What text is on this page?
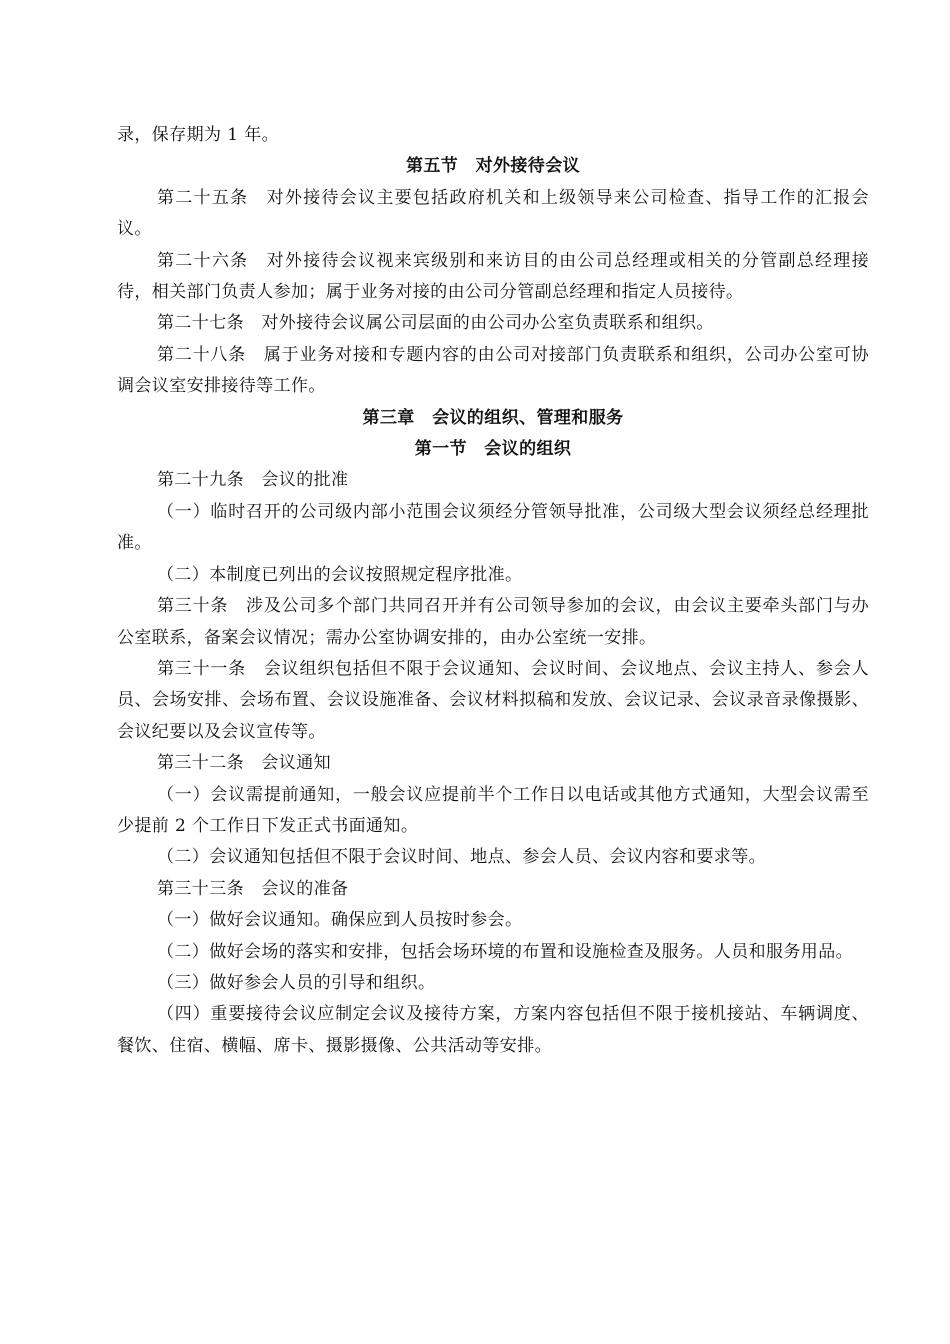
录，保存期为 1 年。

第五节　对外接待会议

第二十五条　对外接待会议主要包括政府机关和上级领导来公司检查、指导工作的汇报会议。

第二十六条　对外接待会议视来宾级别和来访目的由公司总经理或相关的分管副总经理接待，相关部门负责人参加；属于业务对接的由公司分管副总经理和指定人员接待。

第二十七条　对外接待会议属公司层面的由公司办公室负责联系和组织。

第二十八条　属于业务对接和专题内容的由公司对接部门负责联系和组织，公司办公室可协调会议室安排接待等工作。

第三章　会议的组织、管理和服务
第一节　会议的组织

第二十九条　会议的批准

（一）临时召开的公司级内部小范围会议须经分管领导批准，公司级大型会议须经总经理批准。

（二）本制度已列出的会议按照规定程序批准。

第三十条　涉及公司多个部门共同召开并有公司领导参加的会议，由会议主要牵头部门与办公室联系，备案会议情况；需办公室协调安排的，由办公室统一安排。

第三十一条　会议组织包括但不限于会议通知、会议时间、会议地点、会议主持人、参会人员、会场安排、会场布置、会议设施准备、会议材料拟稿和发放、会议记录、会议录音录像摄影、会议纪要以及会议宣传等。

第三十二条　会议通知

（一）会议需提前通知，一般会议应提前半个工作日以电话或其他方式通知，大型会议需至少提前 2 个工作日下发正式书面通知。

（二）会议通知包括但不限于会议时间、地点、参会人员、会议内容和要求等。

第三十三条　会议的准备

（一）做好会议通知。确保应到人员按时参会。

（二）做好会场的落实和安排，包括会场环境的布置和设施检查及服务。人员和服务用品。

（三）做好参会人员的引导和组织。

（四）重要接待会议应制定会议及接待方案，方案内容包括但不限于接机接站、车辆调度、餐饮、住宿、横幅、席卡、摄影摄像、公共活动等安排。
